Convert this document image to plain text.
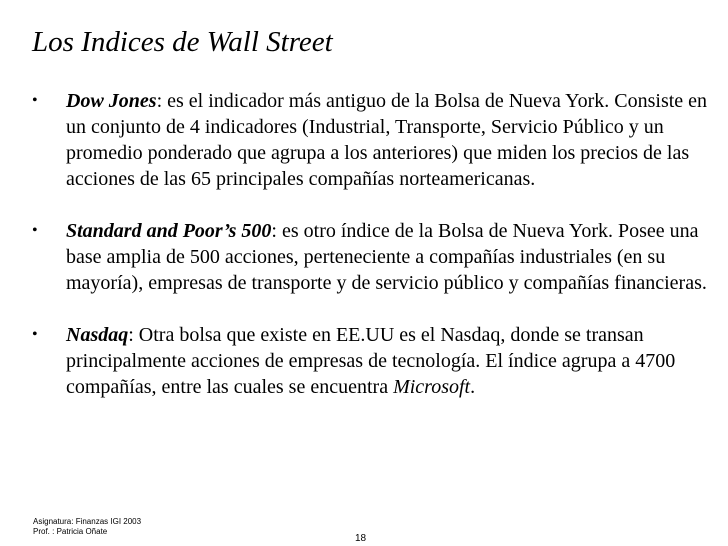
Los Indices de Wall Street
• Dow Jones: es el indicador más antiguo de la Bolsa de Nueva York. Consiste en un conjunto de 4 indicadores (Industrial, Transporte, Servicio Público y un promedio ponderado que agrupa a los anteriores) que miden los precios de las acciones de las 65 principales compañías norteamericanas.
• Standard and Poor’s 500: es otro índice de la Bolsa de Nueva York. Posee una base amplia de 500 acciones, perteneciente a compañías industriales (en su mayoría), empresas de transporte y de servicio público y compañías financieras.
• Nasdaq: Otra bolsa que existe en EE.UU es el Nasdaq, donde se transan principalmente acciones de empresas de tecnología. El índice agrupa a 4700 compañías, entre las cuales se encuentra Microsoft.
Asignatura: Finanzas IGI 2003
Prof. : Patricia Oñate
18
